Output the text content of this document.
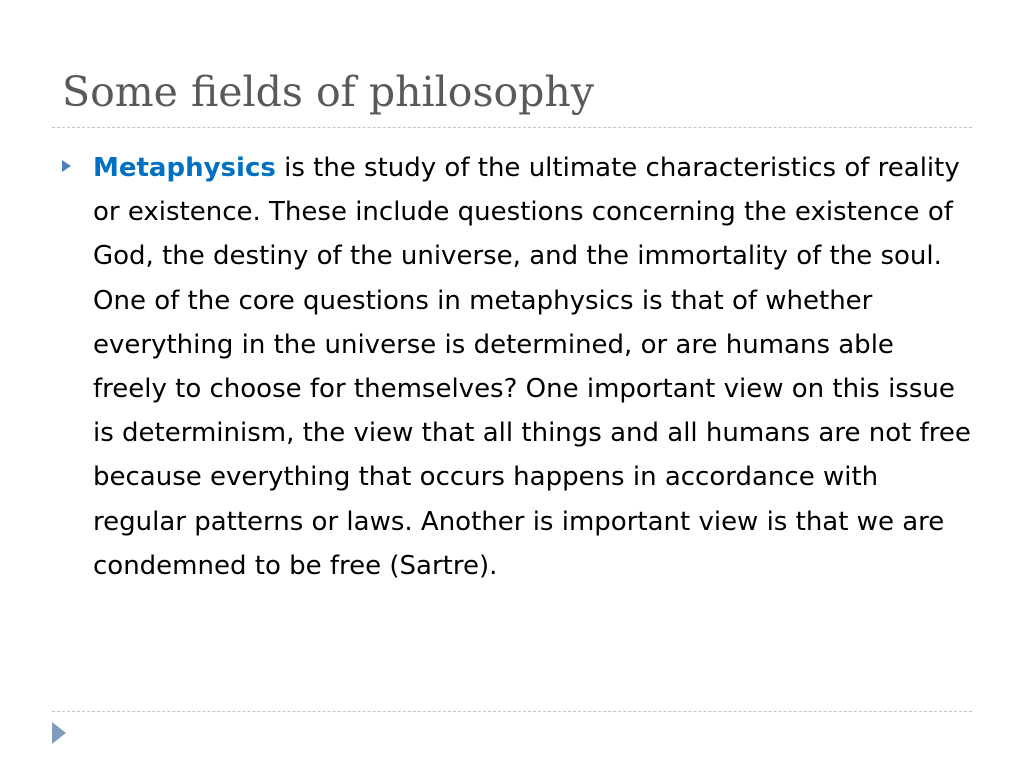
Some fields of philosophy

Metaphysics is the study of the ultimate characteristics of reality or existence. These include questions concerning the existence of God, the destiny of the universe, and the immortality of the soul. One of the core questions in metaphysics is that of whether everything in the universe is determined, or are humans able freely to choose for themselves? One important view on this issue is determinism, the view that all things and all humans are not free because everything that occurs happens in accordance with regular patterns or laws. Another is important view is that we are condemned to be free (Sartre).
